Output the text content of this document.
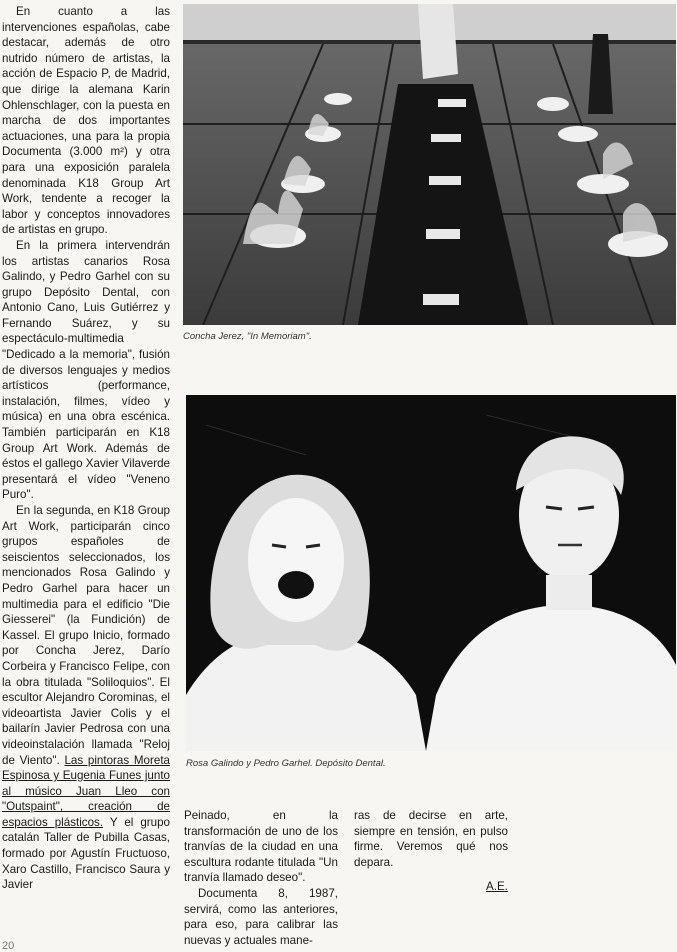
En cuanto a las intervenciones españolas, cabe destacar, además de otro nutrido número de artistas, la acción de Espacio P, de Madrid, que dirige la alemana Karin Ohlenschlager, con la puesta en marcha de dos importantes actuaciones, una para la propia Documenta (3.000 m²) y otra para una exposición paralela denominada K18 Group Art Work, tendente a recoger la labor y conceptos innovadores de artistas en grupo.

En la primera intervendrán los artistas canarios Rosa Galindo, y Pedro Garhel con su grupo Depósito Dental, con Antonio Cano, Luis Gutiérrez y Fernando Suárez, y su espectáculo-multimedia "Dedicado a la memoria", fusión de diversos lenguajes y medios artísticos (performance, instalación, filmes, vídeo y música) en una obra escénica. También participarán en K18 Group Art Work. Además de éstos el gallego Xavier Vilaverde presentará el vídeo "Veneno Puro".

En la segunda, en K18 Group Art Work, participarán cinco grupos españoles de seiscientos seleccionados, los mencionados Rosa Galindo y Pedro Garhel para hacer un multimedia para el edificio "Die Giesserei" (la Fundición) de Kassel. El grupo Inicio, formado por Concha Jerez, Darío Corbeira y Francisco Felipe, con la obra titulada "Soliloquios". El escultor Alejandro Corominas, el videoartista Javier Colis y el bailarín Javier Pedrosa con una videoinstalación llamada "Reloj de Viento". Las pintoras Moreta Espinosa y Eugenia Funes junto al músico Juan Lleo con "Outspaint", creación de espacios plásticos. Y el grupo catalán Taller de Pubilla Casas, formado por Agustín Fructuoso, Xaro Castillo, Francisco Saura y Javier

Concha Jerez, "In Memoriam".
Rosa Galindo y Pedro Garhel. Depósito Dental.

Peinado, en la transformación de uno de los tranvías de la ciudad en una escultura rodante titulada "Un tranvía llamado deseo".

Documenta 8, 1987, servirá, como las anteriores, para eso, para calibrar las nuevas y actuales mane-

ras de decirse en arte, siempre en tensión, en pulso firme. Veremos qué nos depara.

A.E.
20
